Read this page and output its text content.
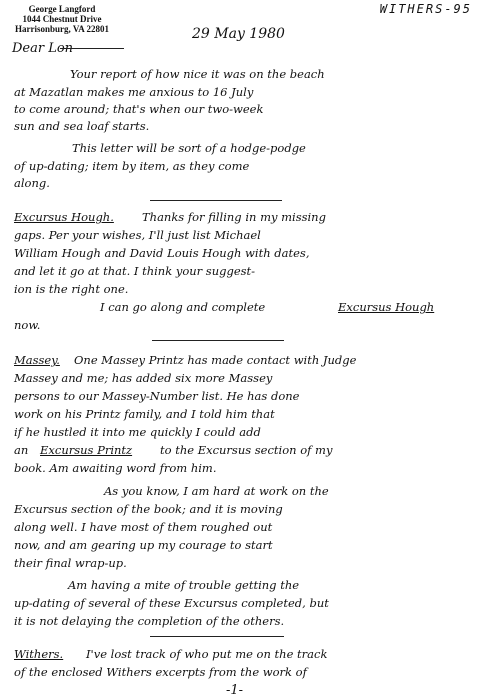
George Langford
1044 Chestnut Drive
Harrisonburg, VA 22801
WITHERS-95
29 May 1980
Dear Lon
Your report of how nice it was on the beach
at Mazatlan makes me anxious to 16 July
to come around; that's when our two-week
sun and sea loaf starts.
This letter will be sort of a hodge-podge
of up-dating; item by item, as they come
along.
Excursus Hough. Thanks for filling in my missing
gaps. Per your wishes, I'll just list Michael
William Hough and David Louis Hough with dates,
and let it go at that. I think your suggest-
ion is the right one.
I can go along and complete	Excursus Hough
now.
Massey. One Massey Printz has made contact with Judge
Massey and me; has added six more Massey
persons to our Massey-Number list. He has done
work on his Printz family, and I told him that
if he hustled it into me quickly I could add
an Excursus Printz to the Excursus section of my
book. Am awaiting word from him.
As you know, I am hard at work on the
Excursus section of the book; and it is moving
along well. I have most of them roughed out
now, and am gearing up my courage to start
their final wrap-up.
Am having a mite of trouble getting the
up-dating of several of these Excursus completed, but
it is not delaying the completion of the others.
Withers. I've lost track of who put me on the track
of the enclosed Withers excerpts from the work of
-1-
